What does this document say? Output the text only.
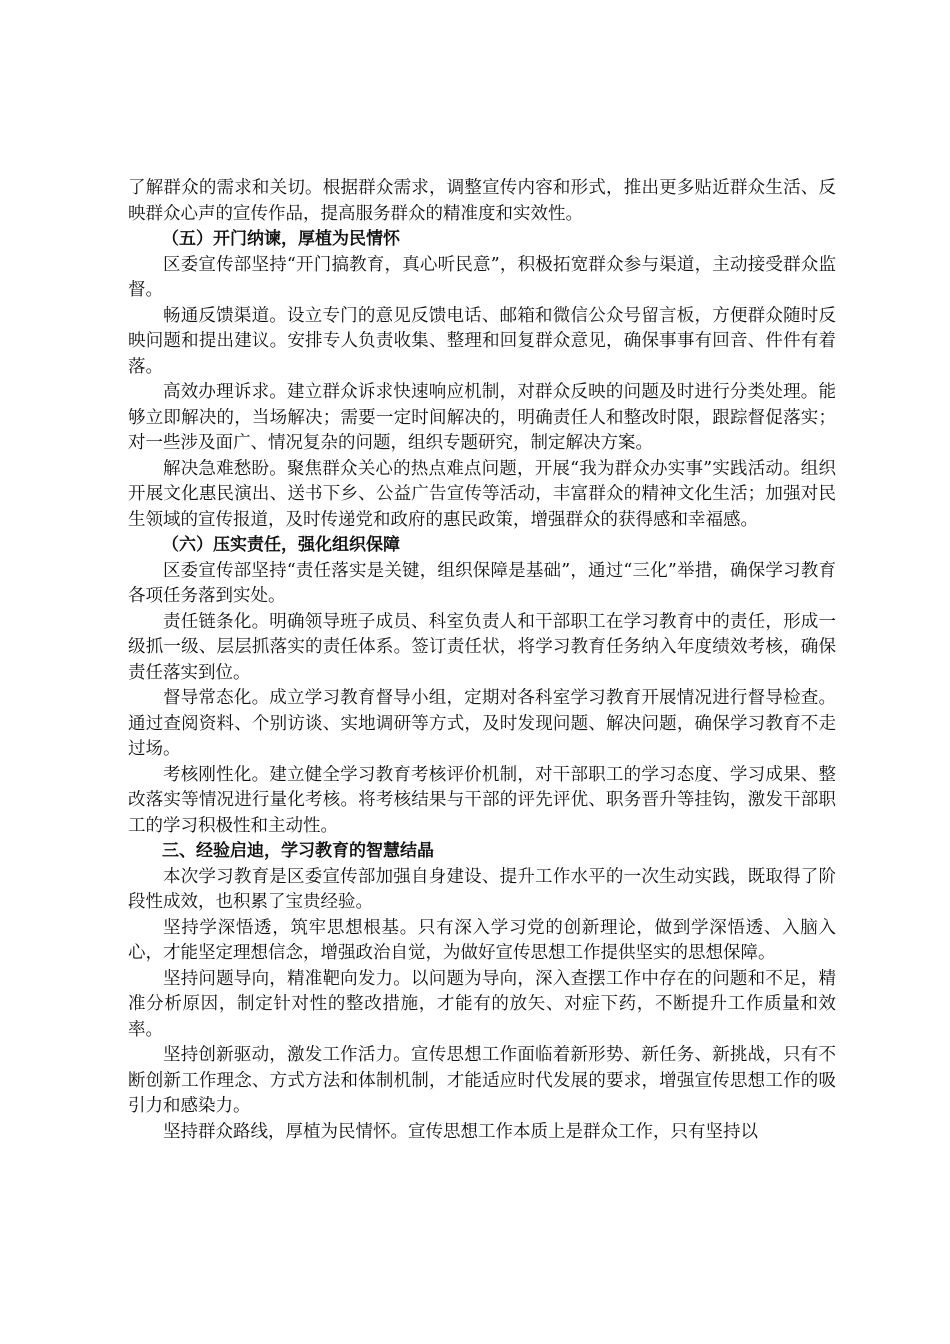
了解群众的需求和关切。根据群众需求，调整宣传内容和形式，推出更多贴近群众生活、反映群众心声的宣传作品，提高服务群众的精准度和实效性。

（五）开门纳谏，厚植为民情怀

区委宣传部坚持“开门搞教育，真心听民意”，积极拓宽群众参与渠道，主动接受群众监督。

畅通反馈渠道。设立专门的意见反馈电话、邮箱和微信公众号留言板，方便群众随时反映问题和提出建议。安排专人负责收集、整理和回复群众意见，确保事事有回音、件件有着落。

高效办理诉求。建立群众诉求快速响应机制，对群众反映的问题及时进行分类处理。能够立即解决的，当场解决；需要一定时间解决的，明确责任人和整改时限，跟踪督促落实；对一些涉及面广、情况复杂的问题，组织专题研究，制定解决方案。

解决急难愁盼。聚焦群众关心的热点难点问题，开展“我为群众办实事”实践活动。组织开展文化惠民演出、送书下乡、公益广告宣传等活动，丰富群众的精神文化生活；加强对民生领域的宣传报道，及时传递党和政府的惠民政策，增强群众的获得感和幸福感。

（六）压实责任，强化组织保障

区委宣传部坚持“责任落实是关键，组织保障是基础”，通过“三化”举措，确保学习教育各项任务落到实处。

责任链条化。明确领导班子成员、科室负责人和干部职工在学习教育中的责任，形成一级抓一级、层层抓落实的责任体系。签订责任状，将学习教育任务纳入年度绩效考核，确保责任落实到位。

督导常态化。成立学习教育督导小组，定期对各科室学习教育开展情况进行督导检查。通过查阅资料、个别访谈、实地调研等方式，及时发现问题、解决问题，确保学习教育不走过场。

考核刚性化。建立健全学习教育考核评价机制，对干部职工的学习态度、学习成果、整改落实等情况进行量化考核。将考核结果与干部的评先评优、职务晋升等挂钩，激发干部职工的学习积极性和主动性。

三、经验启迪，学习教育的智慧结晶

本次学习教育是区委宣传部加强自身建设、提升工作水平的一次生动实践，既取得了阶段性成效，也积累了宝贵经验。

坚持学深悟透，筑牢思想根基。只有深入学习党的创新理论，做到学深悟透、入脑入心，才能坚定理想信念，增强政治自觉，为做好宣传思想工作提供坚实的思想保障。

坚持问题导向，精准靶向发力。以问题为导向，深入查摆工作中存在的问题和不足，精准分析原因，制定针对性的整改措施，才能有的放矢、对症下药，不断提升工作质量和效率。

坚持创新驱动，激发工作活力。宣传思想工作面临着新形势、新任务、新挑战，只有不断创新工作理念、方式方法和体制机制，才能适应时代发展的要求，增强宣传思想工作的吸引力和感染力。

坚持群众路线，厚植为民情怀。宣传思想工作本质上是群众工作，只有坚持以
